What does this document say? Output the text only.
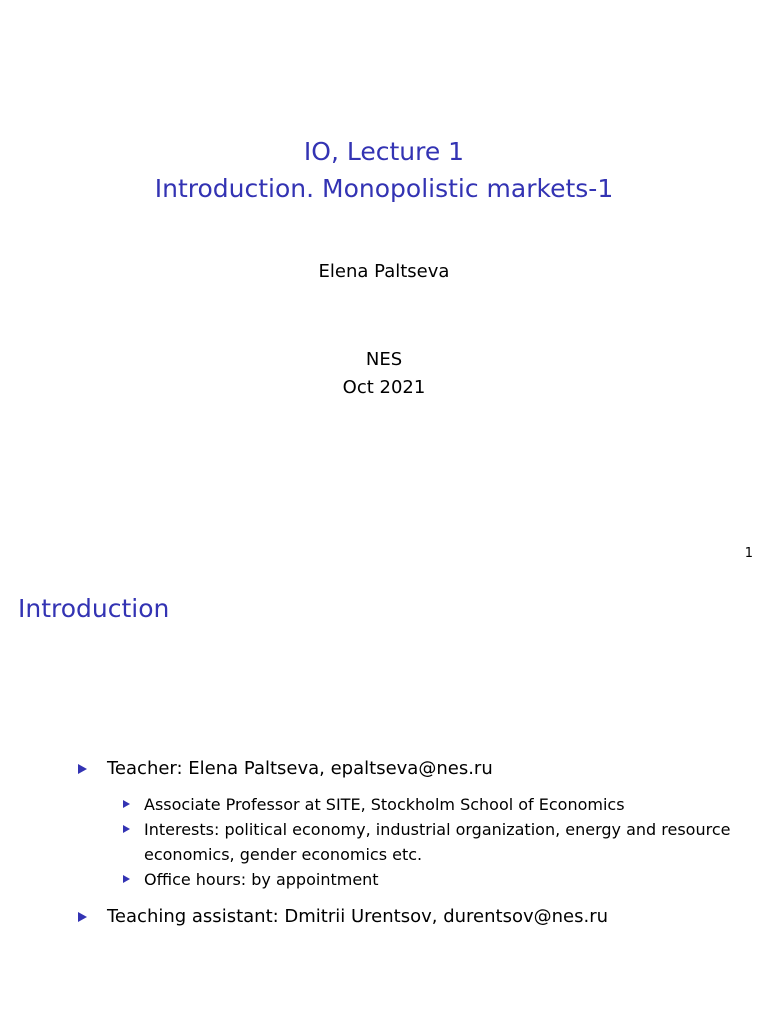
IO, Lecture 1
Introduction. Monopolistic markets-1
Elena Paltseva
NES
Oct 2021
1
Introduction
Teacher: Elena Paltseva, epaltseva@nes.ru
Associate Professor at SITE, Stockholm School of Economics
Interests: political economy, industrial organization, energy and resource economics, gender economics etc.
Office hours: by appointment
Teaching assistant: Dmitrii Urentsov, durentsov@nes.ru
